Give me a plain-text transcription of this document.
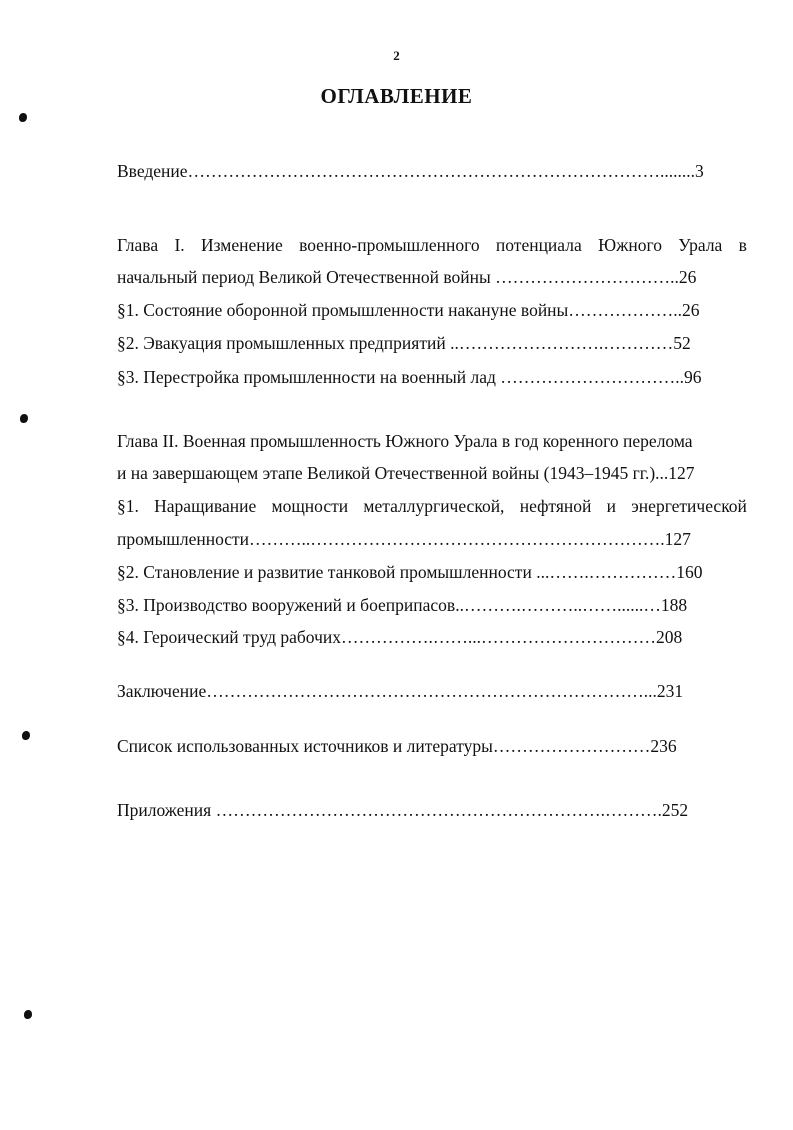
2
ОГЛАВЛЕНИЕ
Введение………………………………………………………………………........3
Глава I. Изменение военно-промышленного потенциала Южного Урала в
начальный период Великой Отечественной войны …………………………..26
§1. Состояние оборонной промышленности накануне войны………………..26
§2. Эвакуация промышленных предприятий ..…………………….…………52
§3. Перестройка промышленности на военный лад …………………………..96
Глава II. Военная промышленность Южного Урала в год коренного перелома
и на завершающем этапе Великой Отечественной войны (1943–1945 гг.)...127
§1. Наращивание мощности металлургической, нефтяной и энергетической
промышленности………..…………………………………………………….127
§2. Становление и развитие танковой промышленности ...…….……………160
§3. Производство вооружений и боеприпасов..……….………..……......…188
§4. Героический труд рабочих…………….……...…………………………208
Заключение…………………………………………………………………...231
Список использованных источников и литературы………………………236
Приложения ………………………………………………………….……….252
